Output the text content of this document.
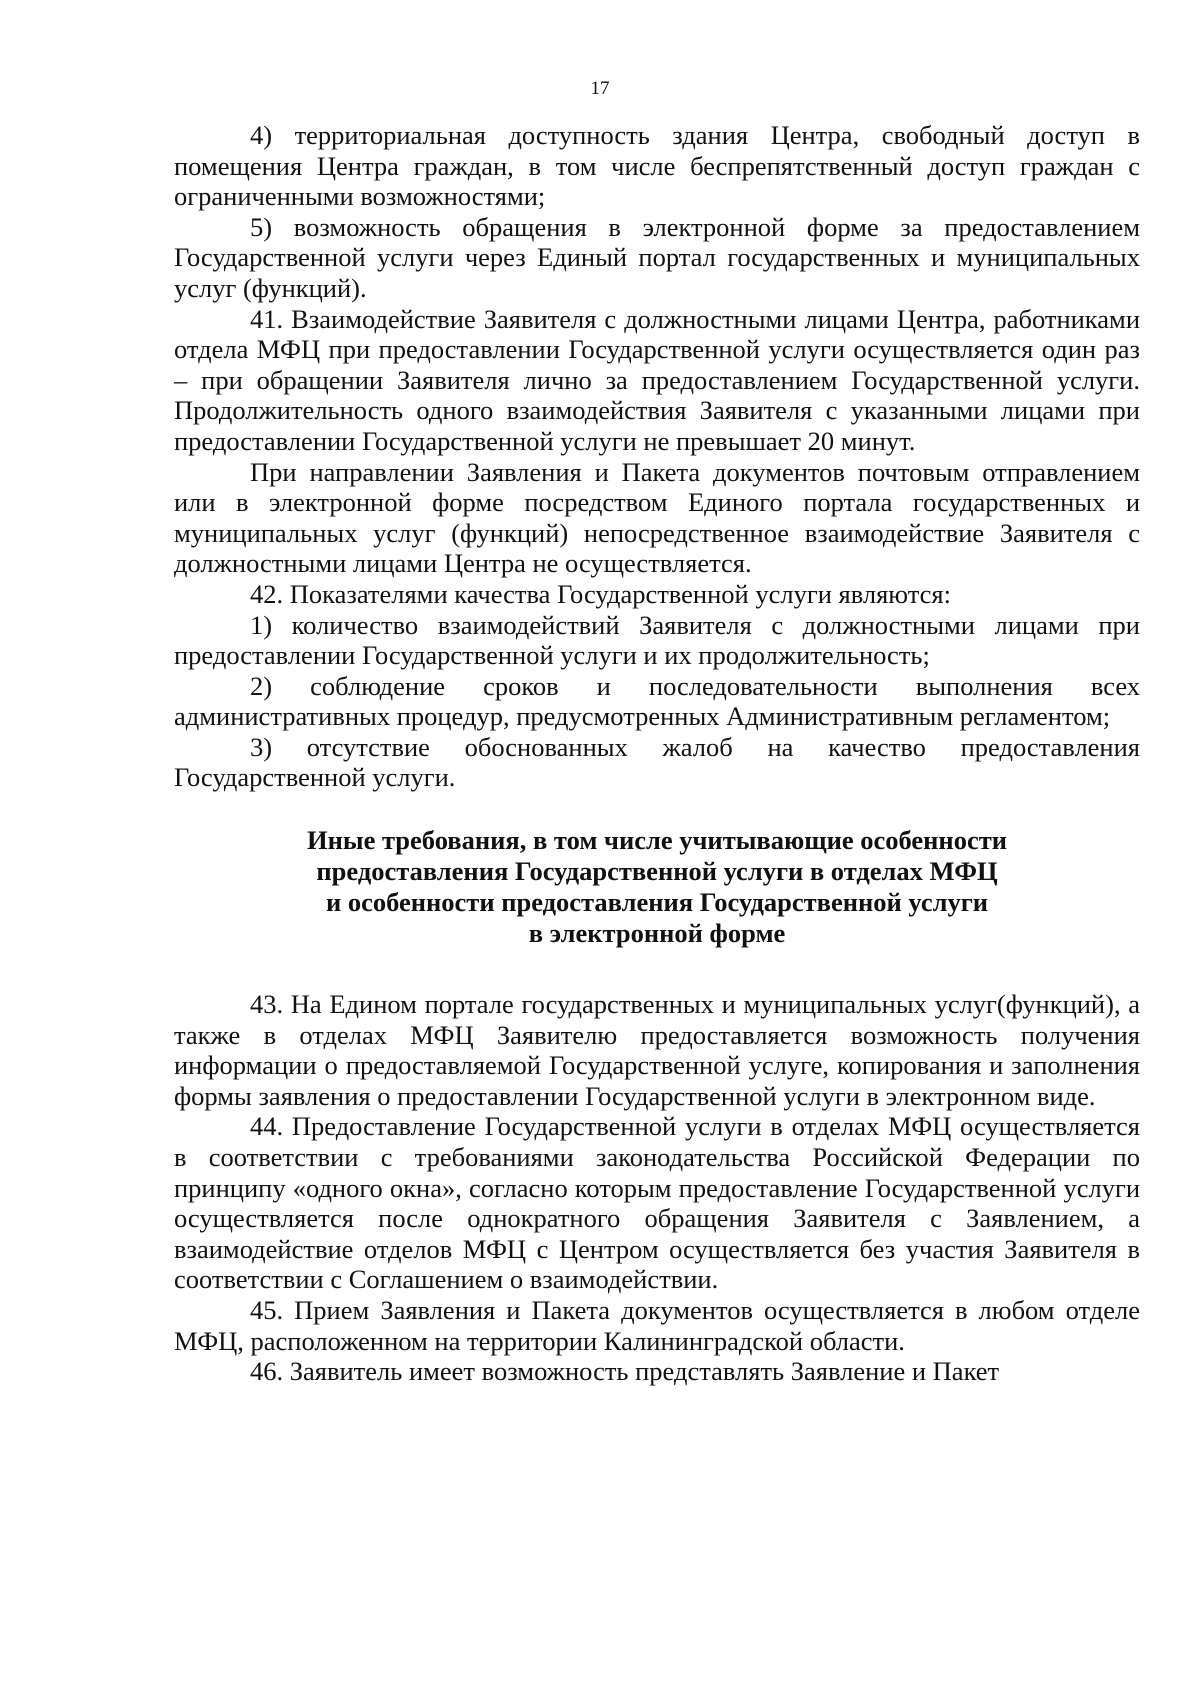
17

4) территориальная доступность здания Центра, свободный доступ в помещения Центра граждан, в том числе беспрепятственный доступ граждан с ограниченными возможностями;

5) возможность обращения в электронной форме за предоставлением Государственной услуги через Единый портал государственных и муниципальных услуг (функций).

41. Взаимодействие Заявителя с должностными лицами Центра, работниками отдела МФЦ при предоставлении Государственной услуги осуществляется один раз – при обращении Заявителя лично за предоставлением Государственной услуги. Продолжительность одного взаимодействия Заявителя с указанными лицами при предоставлении Государственной услуги не превышает 20 минут.

При направлении Заявления и Пакета документов почтовым отправлением или в электронной форме посредством Единого портала государственных и муниципальных услуг (функций) непосредственное взаимодействие Заявителя с должностными лицами Центра не осуществляется.

42. Показателями качества Государственной услуги являются:

1) количество взаимодействий Заявителя с должностными лицами при предоставлении Государственной услуги и их продолжительность;

2) соблюдение сроков и последовательности выполнения всех административных процедур, предусмотренных Административным регламентом;

3) отсутствие обоснованных жалоб на качество предоставления Государственной услуги.

Иные требования, в том числе учитывающие особенности
предоставления Государственной услуги в отделах МФЦ
и особенности предоставления Государственной услуги
в электронной форме

43. На Едином портале государственных и муниципальных услуг(функций), а также в отделах МФЦ Заявителю предоставляется возможность получения информации о предоставляемой Государственной услуге, копирования и заполнения формы заявления о предоставлении Государственной услуги в электронном виде.

44. Предоставление Государственной услуги в отделах МФЦ осуществляется в соответствии с требованиями законодательства Российской Федерации по принципу «одного окна», согласно которым предоставление Государственной услуги осуществляется после однократного обращения Заявителя с Заявлением, а взаимодействие отделов МФЦ с Центром осуществляется без участия Заявителя в соответствии с Соглашением о взаимодействии.

45. Прием Заявления и Пакета документов осуществляется в любом отделе МФЦ, расположенном на территории Калининградской области.

46. Заявитель имеет возможность представлять Заявление и Пакет
